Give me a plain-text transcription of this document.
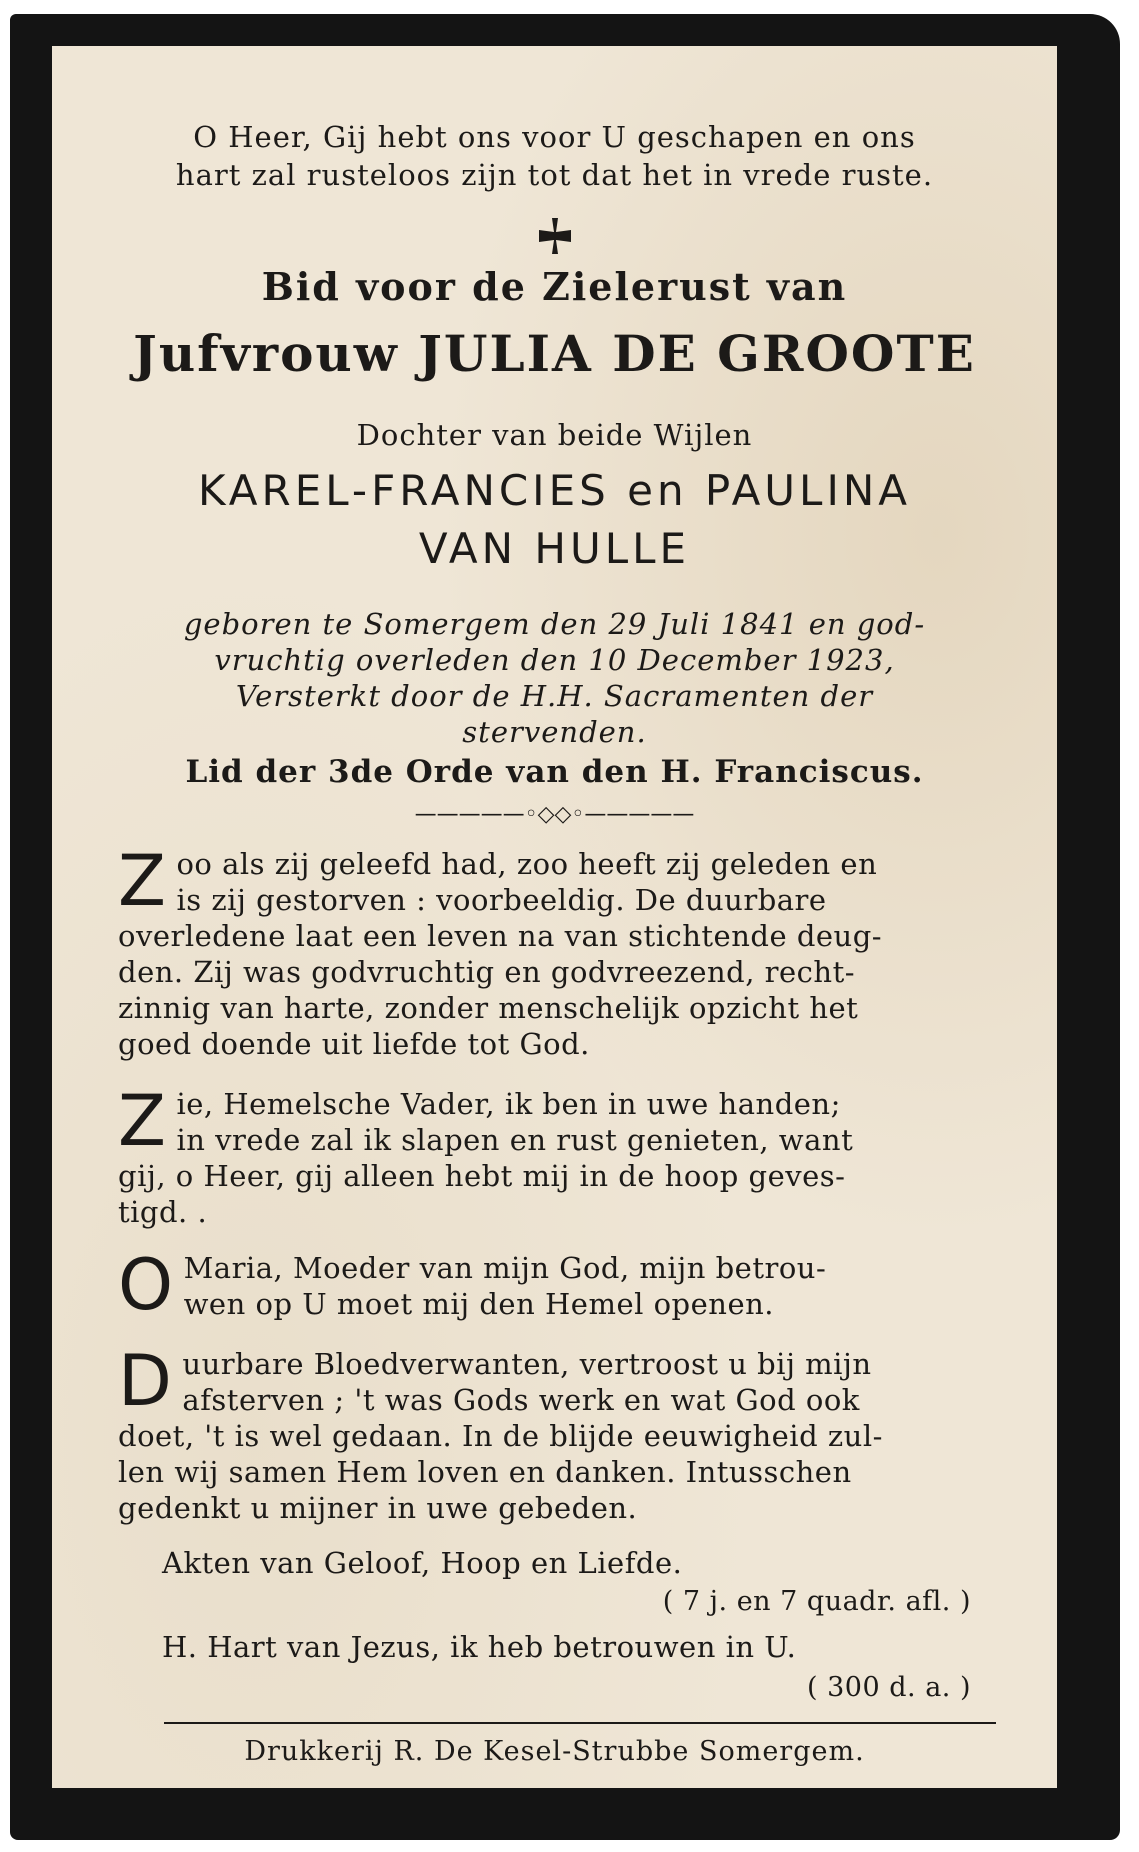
O Heer, Gij hebt ons voor U geschapen en ons
hart zal rusteloos zijn tot dat het in vrede ruste.
Bid voor de Zielerust van
Jufvrouw JULIA DE GROOTE
Dochter van beide Wijlen
KAREL-FRANCIES en PAULINA
VAN HULLE
geboren te Somergem den 29 Juli 1841 en god-
vruchtig overleden den 10 December 1923,
Versterkt door de H.H. Sacramenten der
stervenden.
Lid der 3de Orde van den H. Franciscus.
—————◦◇◇◦—————
Z oo als zij geleefd had, zoo heeft zij geleden en
is zij gestorven : voorbeeldig. De duurbare
overledene laat een leven na van stichtende deug-
den. Zij was godvruchtig en godvreezend, recht-
zinnig van harte, zonder menschelijk opzicht het
goed doende uit liefde tot God.
Z ie, Hemelsche Vader, ik ben in uwe handen;
in vrede zal ik slapen en rust genieten, want
gij, o Heer, gij alleen hebt mij in de hoop geves-
tigd. .
O Maria, Moeder van mijn God, mijn betrou-
wen op U moet mij den Hemel openen.
D uurbare Bloedverwanten, vertroost u bij mijn
afsterven ; 't was Gods werk en wat God ook
doet, 't is wel gedaan. In de blijde eeuwigheid zul-
len wij samen Hem loven en danken. Intusschen
gedenkt u mijner in uwe gebeden.
Akten van Geloof, Hoop en Liefde.
( 7 j. en 7 quadr. afl. )
H. Hart van Jezus, ik heb betrouwen in U.
( 300 d. a. )
Drukkerij R. De Kesel-Strubbe Somergem.
